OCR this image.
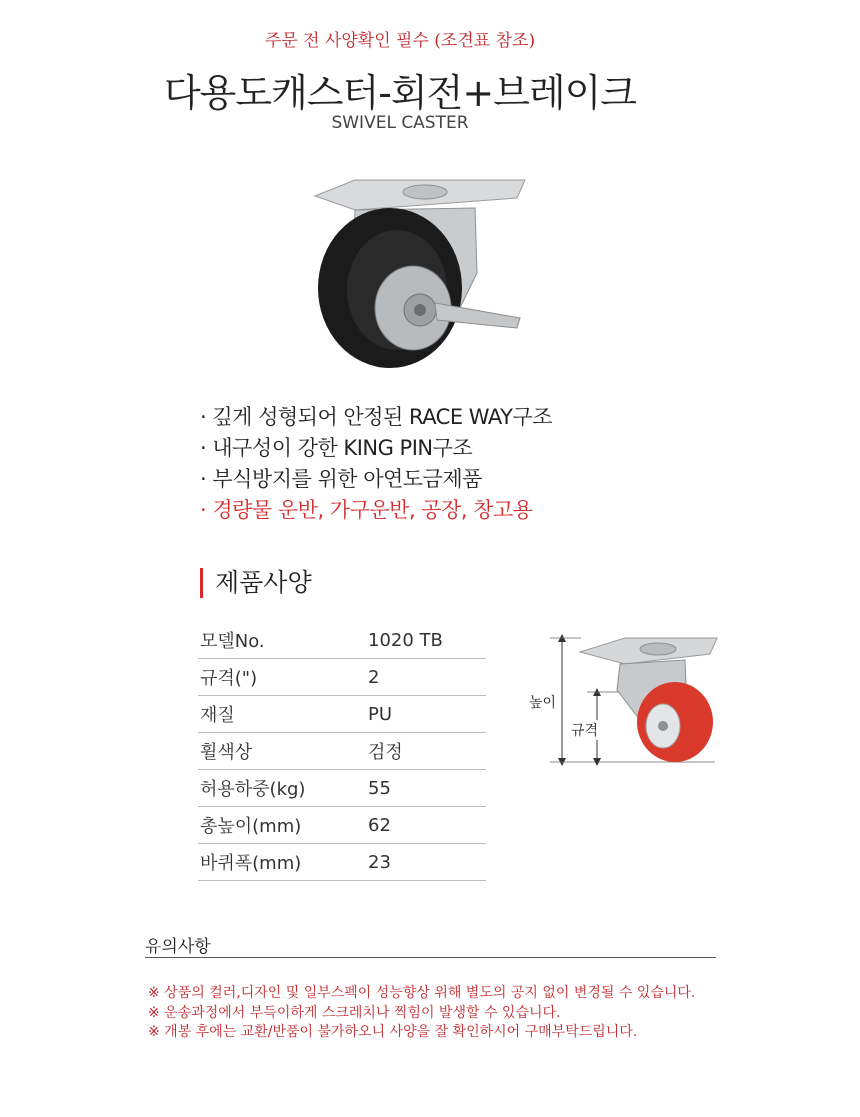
주문 전 사양확인 필수 (조견표 참조)
다용도캐스터-회전+브레이크
SWIVEL CASTER
· 깊게 성형되어 안정된 RACE WAY구조
· 내구성이 강한 KING PIN구조
· 부식방지를 위한 아연도금제품
· 경량물 운반, 가구운반, 공장, 창고용
제품사양
모델No.	1020 TB
규격(")	2
재질	PU
휠색상	검정
허용하중(kg)	55
총높이(mm)	62
바퀴폭(mm)	23
높이
규격
유의사항
※ 상품의 컬러,디자인 및 일부스펙이 성능향상 위해 별도의 공지 없이 변경될 수 있습니다.
※ 운송과정에서 부득이하게 스크레치나 찍힘이 발생할 수 있습니다.
※ 개봉 후에는 교환/반품이 불가하오니 사양을 잘 확인하시어 구매부탁드립니다.
